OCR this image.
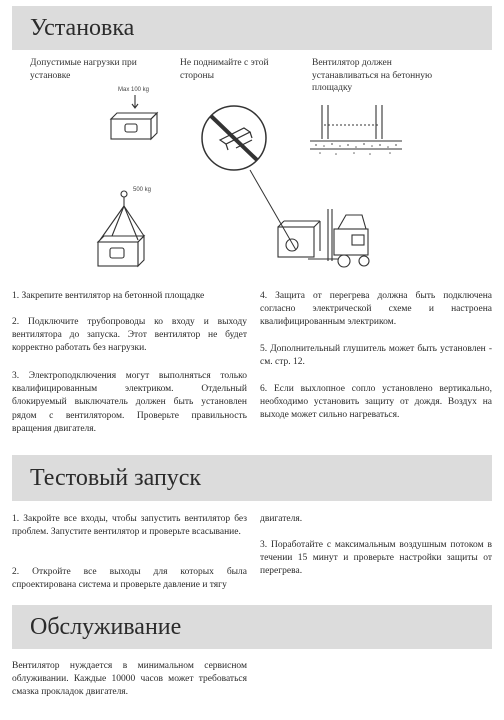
Установка
Допустимые нагрузки при установке
Не поднимайте с этой стороны
Вентилятор должен устанавливаться на бетонную площадку
Max 100 kg
500 kg
1. Закрепите вентилятор на бетонной площадке
2. Подключите трубопроводы ко входу и выходу вентилятора до запуска. Этот вентилятор не будет корректно работать без нагрузки.
3. Электроподключения могут выполняться только квалифицированным электриком. Отдельный блокируемый выключатель должен быть установлен рядом с вентилятором. Проверьте правильность вращения двигателя.
4. Защита от перегрева должна быть подключена согласно электрической схеме и настроена квалифицированным электриком.
5. Дополнительный глушитель может быть установлен - см. стр. 12.
6. Если выхлопное сопло установлено вертикально, необходимо установить защиту от дождя. Воздух на выходе может сильно нагреваться.
Тестовый запуск
1. Закройте все входы, чтобы запустить вентилятор без проблем. Запустите вентилятор и проверьте всасывание.
2. Откройте все выходы для которых была спроектирована система и проверьте давление и тягу
двигателя.
3. Поработайте с максимальным воздушным потоком в течении 15 минут и проверьте настройки защиты от перегрева.
Обслуживание
Вентилятор нуждается в минимальном сервисном облуживании. Каждые 10000 часов может требоваться смазка прокладок двигателя.
